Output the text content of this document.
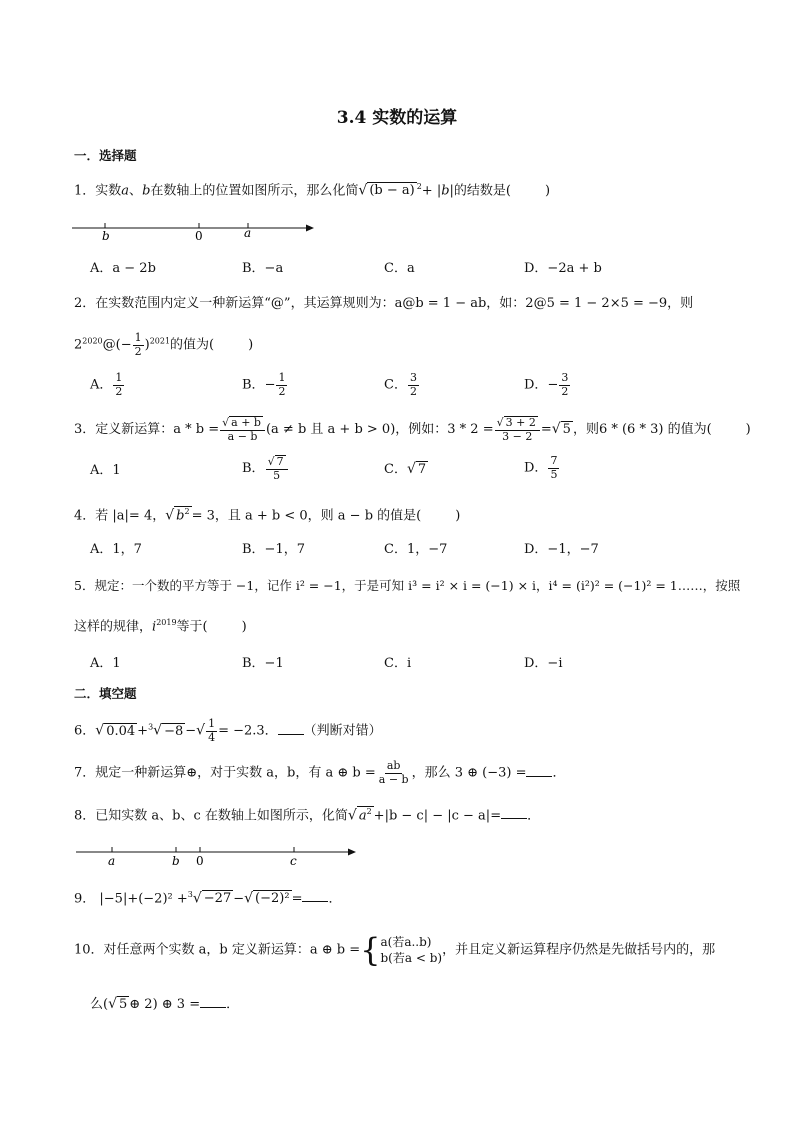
3.4 实数的运算
一．选择题
1．实数a、b在数轴上的位置如图所示，那么化简√ (b − a) $^2$+ |b|的结数是(	)
b	0	a
A．a − 2b	B．−a	C．a	D．−2a + b
2．在实数范围内定义一种新运算“@”，其运算规则为：a@b = 1 − ab，如：2@5 = 1 − 2×5 = −9，则
$2^{2020}@(- \frac{1}{2} )^{2021}$的值为(	)
A． $\frac{1}{2}$	B．− $\frac{1}{2}$	C． $\frac{3}{2}$	D．− $\frac{3}{2}$
3．定义新运算：$a * b = \frac{√ a + b}{a - b} (a \ne b$ 且 a + b > 0)，例如：$3 * 2 = \frac{√ 3 + 2}{3 - 2}$ =√ 5 ，则6 * (6 * 3) 的值为(	)
A．1	B． $\frac{√ 7}{5}$	C．√ 7	D． $\frac{7}{5}$
4．若 |a|= 4，√ $b^2 = 3$，且 a + b < 0，则 a − b 的值是(	)
A．1，7	B．−1，7	C．1，−7	D．−1，−7
5．规定：一个数的平方等于 −1，记作 i² = −1，于是可知 i³ = i² × i = (−1) × i，i⁴ = (i²)² = (−1)² = 1……，按照
这样的规律，$i^{2019}$等于(	)
A．1	B．−1	C．i	D．−i
二．填空题
6．√ 0.04 +$^3$√ −8 −√ $\frac{1}{4} = -2.3$． （判断对错）
7．规定一种新运算⊕，对于实数 a，b，有 a ⊕ $b = \frac{ab}{a - b}$ ，那么 3 ⊕ (−3) = ．
8．已知实数 a、b、c 在数轴上如图所示，化简√ $a^2 +|b - c| - |c - a|=$ ．
a	b 0	c
9． |−5|+(−2)² +$^3$√ −27 −√ (−2)² = ．
10．对任意两个实数 a，b 定义新运算：a ⊕ b ={ a(若a..b)
b(若a < b)
，并且定义新运算程序仍然是先做括号内的，那
么(√ 5 ⊕ 2) ⊕ 3 = ．
